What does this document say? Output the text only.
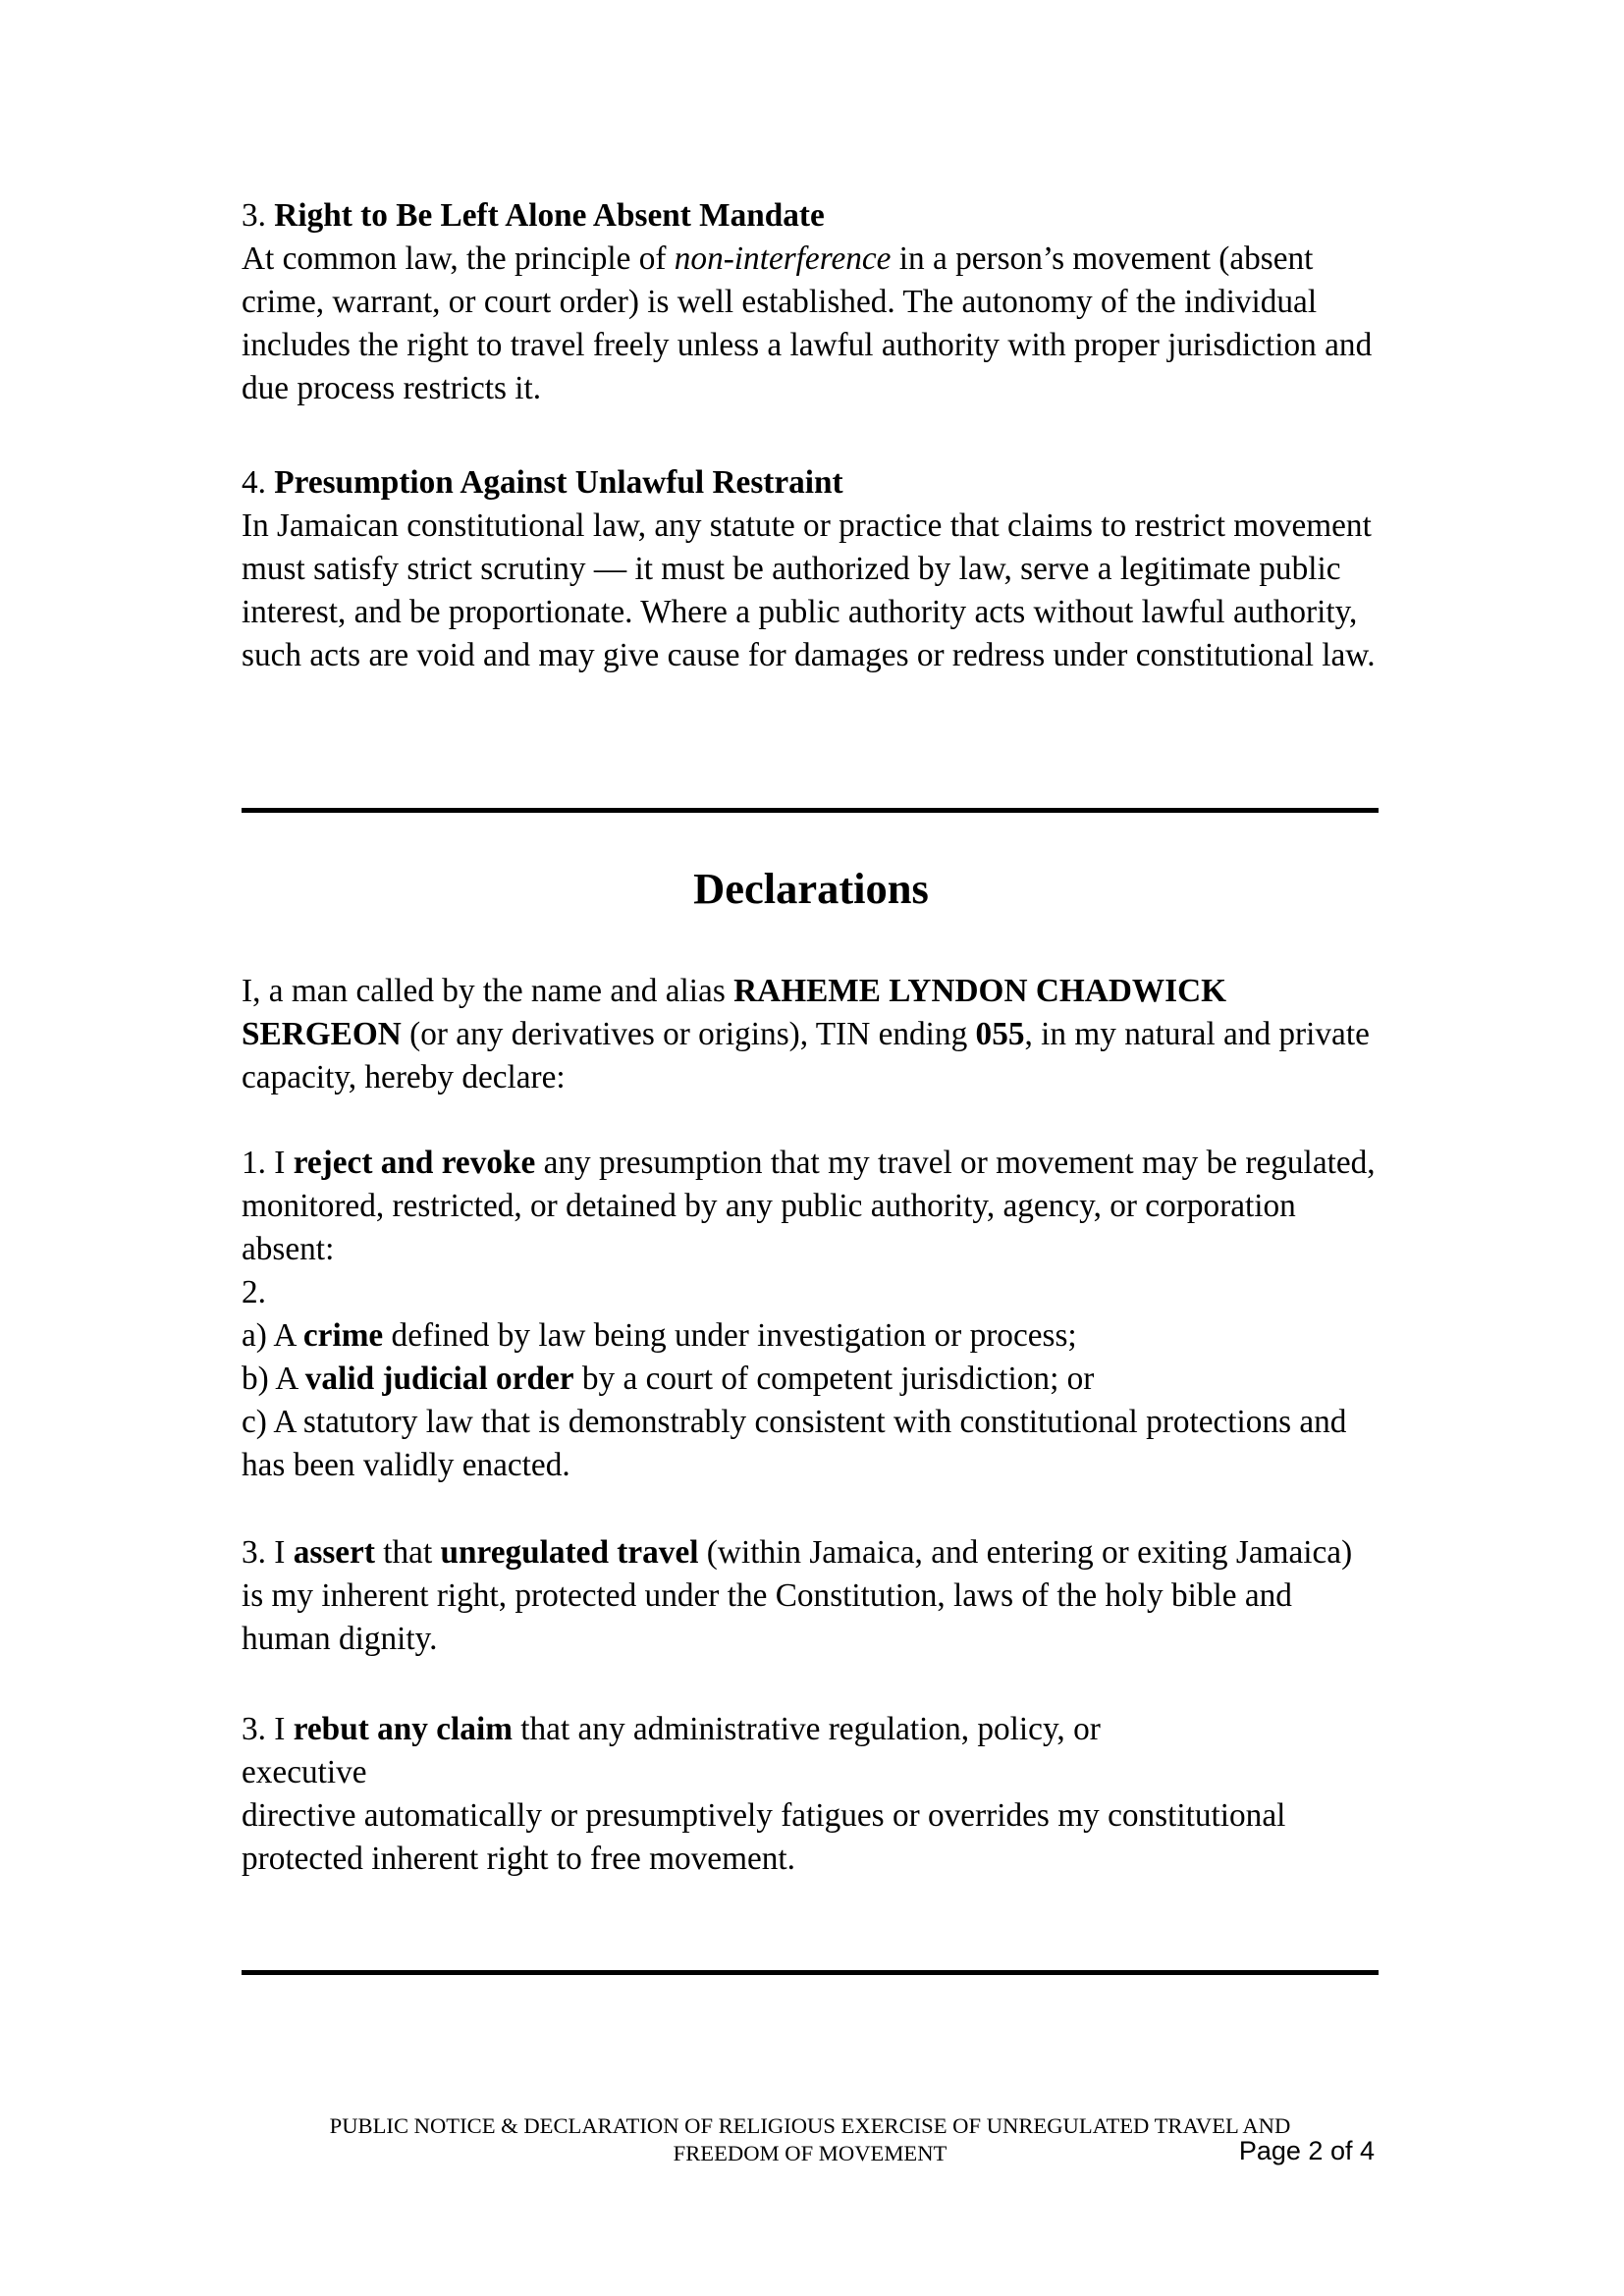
3. Right to Be Left Alone Absent Mandate

At common law, the principle of non-interference in a person’s movement (absent crime, warrant, or court order) is well established. The autonomy of the individual includes the right to travel freely unless a lawful authority with proper jurisdiction and due process restricts it.

4. Presumption Against Unlawful Restraint

In Jamaican constitutional law, any statute or practice that claims to restrict movement must satisfy strict scrutiny — it must be authorized by law, serve a legitimate public interest, and be proportionate. Where a public authority acts without lawful authority, such acts are void and may give cause for damages or redress under constitutional law.

Declarations

I, a man called by the name and alias RAHEME LYNDON CHADWICK SERGEON (or any derivatives or origins), TIN ending 055, in my natural and private capacity, hereby declare:

1. I reject and revoke any presumption that my travel or movement may be regulated, monitored, restricted, or detained by any public authority, agency, or corporation absent:

2.

a) A crime defined by law being under investigation or process;

b) A valid judicial order by a court of competent jurisdiction; or

c) A statutory law that is demonstrably consistent with constitutional protections and has been validly enacted.

3. I assert that unregulated travel (within Jamaica, and entering or exiting Jamaica) is my inherent right, protected under the Constitution, laws of the holy bible and human dignity.

3. I rebut any claim that any administrative regulation, policy, or

executive

directive automatically or presumptively fatigues or overrides my constitutional protected inherent right to free movement.

PUBLIC NOTICE & DECLARATION OF RELIGIOUS EXERCISE OF UNREGULATED TRAVEL AND
FREEDOM OF MOVEMENT	Page 2 of 4
